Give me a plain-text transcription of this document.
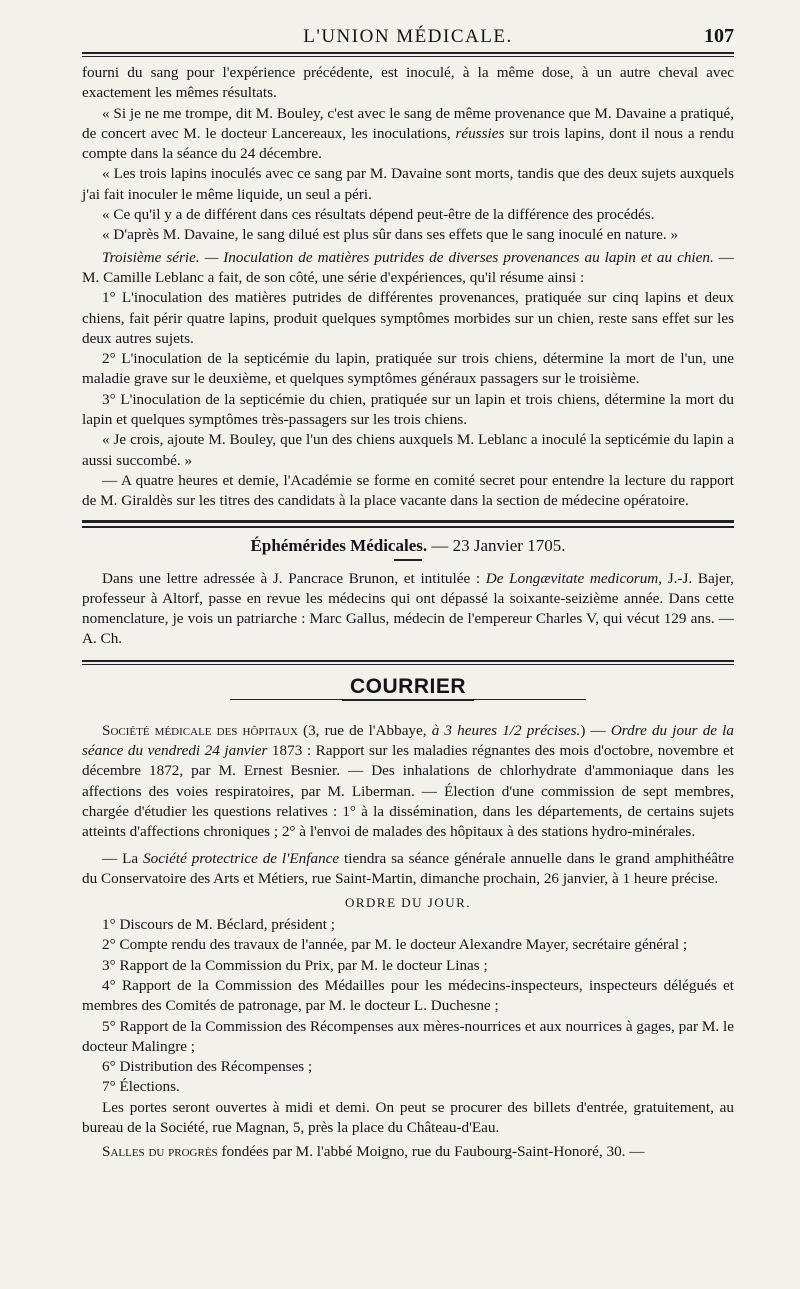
L'UNION MÉDICALE.	107

fourni du sang pour l'expérience précédente, est inoculé, à la même dose, à un autre cheval avec exactement les mêmes résultats.

« Si je ne me trompe, dit M. Bouley, c'est avec le sang de même provenance que M. Davaine a pratiqué, de concert avec M. le docteur Lancereaux, les inoculations, réussies sur trois lapins, dont il nous a rendu compte dans la séance du 24 décembre.

« Les trois lapins inoculés avec ce sang par M. Davaine sont morts, tandis que des deux sujets auxquels j'ai fait inoculer le même liquide, un seul a péri.

« Ce qu'il y a de différent dans ces résultats dépend peut-être de la différence des procédés.

« D'après M. Davaine, le sang dilué est plus sûr dans ses effets que le sang inoculé en nature. »

Troisième série. — Inoculation de matières putrides de diverses provenances au lapin et au chien. — M. Camille Leblanc a fait, de son côté, une série d'expériences, qu'il résume ainsi :

1° L'inoculation des matières putrides de différentes provenances, pratiquée sur cinq lapins et deux chiens, fait périr quatre lapins, produit quelques symptômes morbides sur un chien, reste sans effet sur les deux autres sujets.

2° L'inoculation de la septicémie du lapin, pratiquée sur trois chiens, détermine la mort de l'un, une maladie grave sur le deuxième, et quelques symptômes généraux passagers sur le troisième.

3° L'inoculation de la septicémie du chien, pratiquée sur un lapin et trois chiens, détermine la mort du lapin et quelques symptômes très-passagers sur les trois chiens.

« Je crois, ajoute M. Bouley, que l'un des chiens auxquels M. Leblanc a inoculé la septicémie du lapin a aussi succombé. »

— A quatre heures et demie, l'Académie se forme en comité secret pour entendre la lecture du rapport de M. Giraldès sur les titres des candidats à la place vacante dans la section de médecine opératoire.

Éphémérides Médicales. — 23 Janvier 1705.

Dans une lettre adressée à J. Pancrace Brunon, et intitulée : De Longævitate medicorum, J.-J. Bajer, professeur à Altorf, passe en revue les médecins qui ont dépassé la soixante-seizième année. Dans cette nomenclature, je vois un patriarche : Marc Gallus, médecin de l'empereur Charles V, qui vécut 129 ans. — A. Ch.

COURRIER

Société médicale des hôpitaux (3, rue de l'Abbaye, à 3 heures 1/2 précises.) — Ordre du jour de la séance du vendredi 24 janvier 1873 : Rapport sur les maladies régnantes des mois d'octobre, novembre et décembre 1872, par M. Ernest Besnier. — Des inhalations de chlorhydrate d'ammoniaque dans les affections des voies respiratoires, par M. Liberman. — Élection d'une commission de sept membres, chargée d'étudier les questions relatives : 1° à la dissémination, dans les départements, de certains sujets atteints d'affections chroniques ; 2° à l'envoi de malades des hôpitaux à des stations hydro-minérales.

— La Société protectrice de l'Enfance tiendra sa séance générale annuelle dans le grand amphithéâtre du Conservatoire des Arts et Métiers, rue Saint-Martin, dimanche prochain, 26 janvier, à 1 heure précise.

ORDRE DU JOUR.

1° Discours de M. Béclard, président ;

2° Compte rendu des travaux de l'année, par M. le docteur Alexandre Mayer, secrétaire général ;

3° Rapport de la Commission du Prix, par M. le docteur Linas ;

4° Rapport de la Commission des Médailles pour les médecins-inspecteurs, inspecteurs délégués et membres des Comités de patronage, par M. le docteur L. Duchesne ;

5° Rapport de la Commission des Récompenses aux mères-nourrices et aux nourrices à gages, par M. le docteur Malingre ;

6° Distribution des Récompenses ;

7° Élections.

Les portes seront ouvertes à midi et demi. On peut se procurer des billets d'entrée, gratuitement, au bureau de la Société, rue Magnan, 5, près la place du Château-d'Eau.

Salles du progrès fondées par M. l'abbé Moigno, rue du Faubourg-Saint-Honoré, 30. —
